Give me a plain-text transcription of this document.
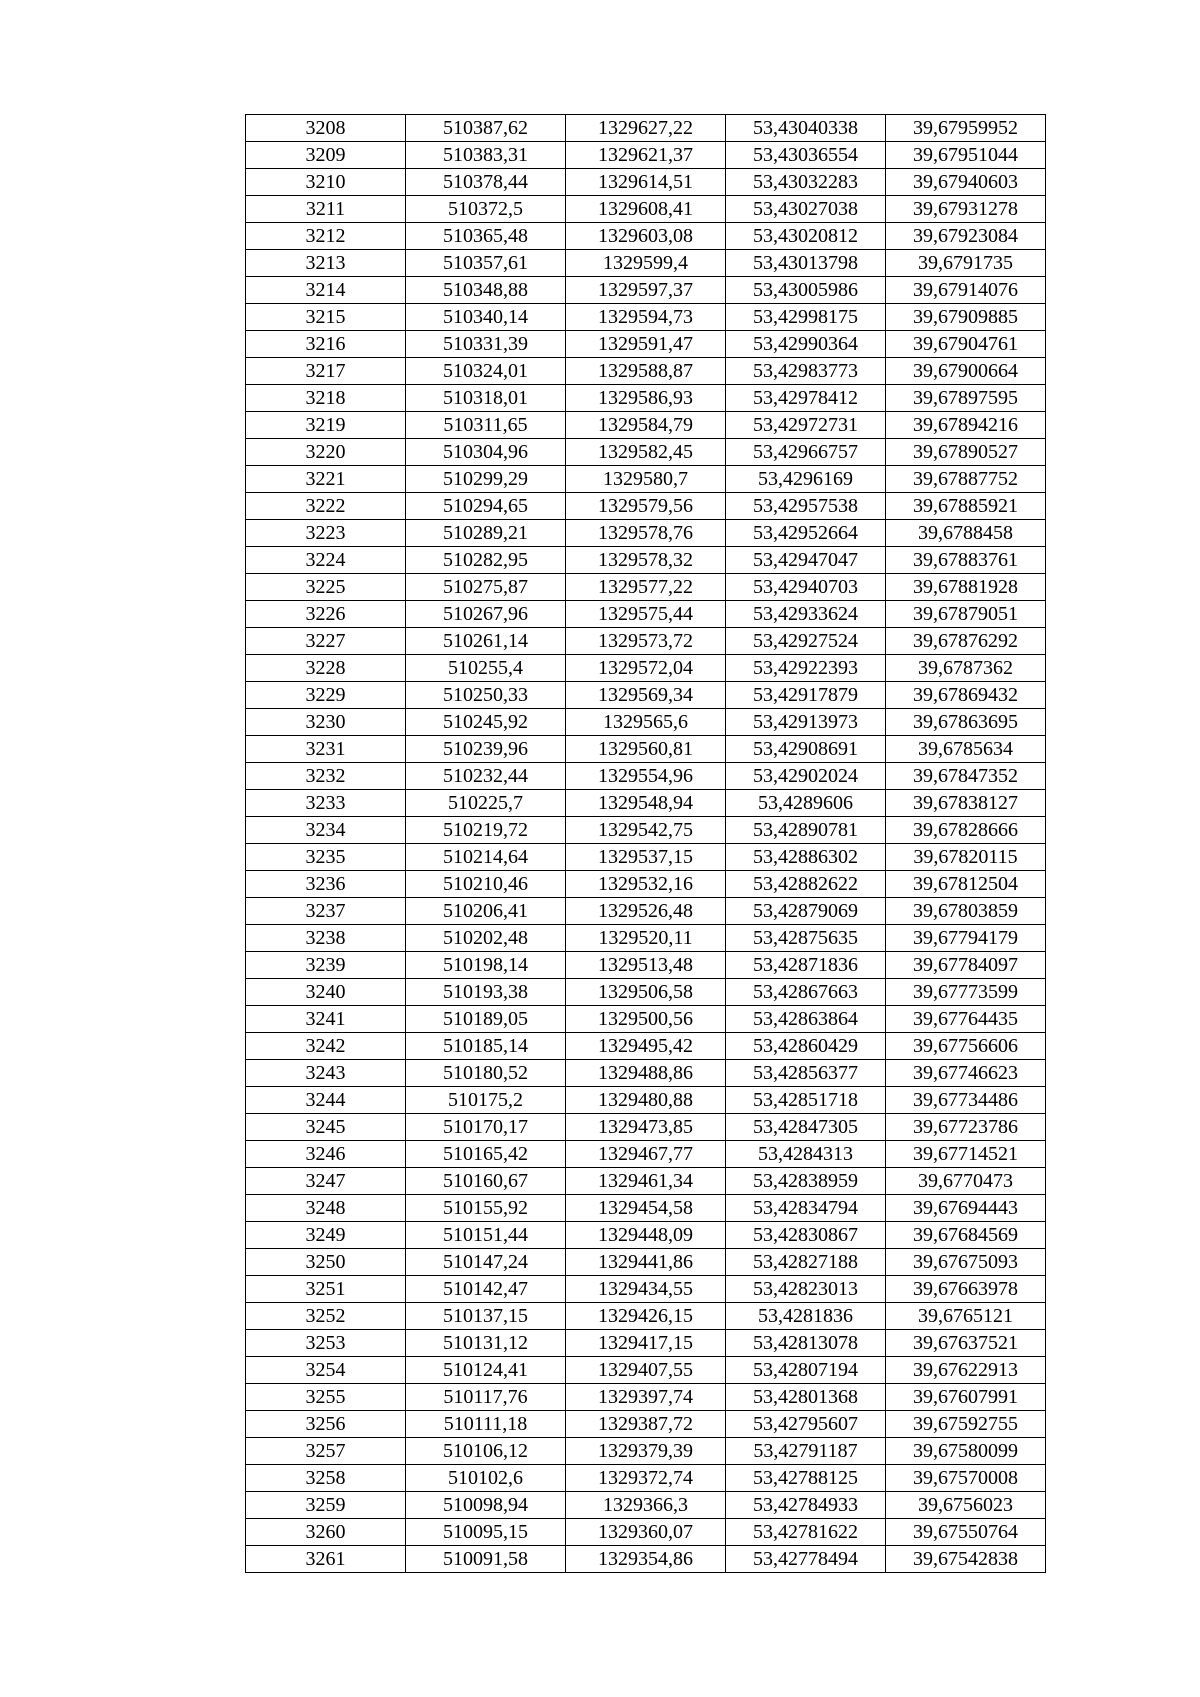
3208	510387,62	1329627,22	53,43040338	39,67959952
3209	510383,31	1329621,37	53,43036554	39,67951044
3210	510378,44	1329614,51	53,43032283	39,67940603
3211	510372,5	1329608,41	53,43027038	39,67931278
3212	510365,48	1329603,08	53,43020812	39,67923084
3213	510357,61	1329599,4	53,43013798	39,6791735
3214	510348,88	1329597,37	53,43005986	39,67914076
3215	510340,14	1329594,73	53,42998175	39,67909885
3216	510331,39	1329591,47	53,42990364	39,67904761
3217	510324,01	1329588,87	53,42983773	39,67900664
3218	510318,01	1329586,93	53,42978412	39,67897595
3219	510311,65	1329584,79	53,42972731	39,67894216
3220	510304,96	1329582,45	53,42966757	39,67890527
3221	510299,29	1329580,7	53,4296169	39,67887752
3222	510294,65	1329579,56	53,42957538	39,67885921
3223	510289,21	1329578,76	53,42952664	39,6788458
3224	510282,95	1329578,32	53,42947047	39,67883761
3225	510275,87	1329577,22	53,42940703	39,67881928
3226	510267,96	1329575,44	53,42933624	39,67879051
3227	510261,14	1329573,72	53,42927524	39,67876292
3228	510255,4	1329572,04	53,42922393	39,6787362
3229	510250,33	1329569,34	53,42917879	39,67869432
3230	510245,92	1329565,6	53,42913973	39,67863695
3231	510239,96	1329560,81	53,42908691	39,6785634
3232	510232,44	1329554,96	53,42902024	39,67847352
3233	510225,7	1329548,94	53,4289606	39,67838127
3234	510219,72	1329542,75	53,42890781	39,67828666
3235	510214,64	1329537,15	53,42886302	39,67820115
3236	510210,46	1329532,16	53,42882622	39,67812504
3237	510206,41	1329526,48	53,42879069	39,67803859
3238	510202,48	1329520,11	53,42875635	39,67794179
3239	510198,14	1329513,48	53,42871836	39,67784097
3240	510193,38	1329506,58	53,42867663	39,67773599
3241	510189,05	1329500,56	53,42863864	39,67764435
3242	510185,14	1329495,42	53,42860429	39,67756606
3243	510180,52	1329488,86	53,42856377	39,67746623
3244	510175,2	1329480,88	53,42851718	39,67734486
3245	510170,17	1329473,85	53,42847305	39,67723786
3246	510165,42	1329467,77	53,4284313	39,67714521
3247	510160,67	1329461,34	53,42838959	39,6770473
3248	510155,92	1329454,58	53,42834794	39,67694443
3249	510151,44	1329448,09	53,42830867	39,67684569
3250	510147,24	1329441,86	53,42827188	39,67675093
3251	510142,47	1329434,55	53,42823013	39,67663978
3252	510137,15	1329426,15	53,4281836	39,6765121
3253	510131,12	1329417,15	53,42813078	39,67637521
3254	510124,41	1329407,55	53,42807194	39,67622913
3255	510117,76	1329397,74	53,42801368	39,67607991
3256	510111,18	1329387,72	53,42795607	39,67592755
3257	510106,12	1329379,39	53,42791187	39,67580099
3258	510102,6	1329372,74	53,42788125	39,67570008
3259	510098,94	1329366,3	53,42784933	39,6756023
3260	510095,15	1329360,07	53,42781622	39,67550764
3261	510091,58	1329354,86	53,42778494	39,67542838
